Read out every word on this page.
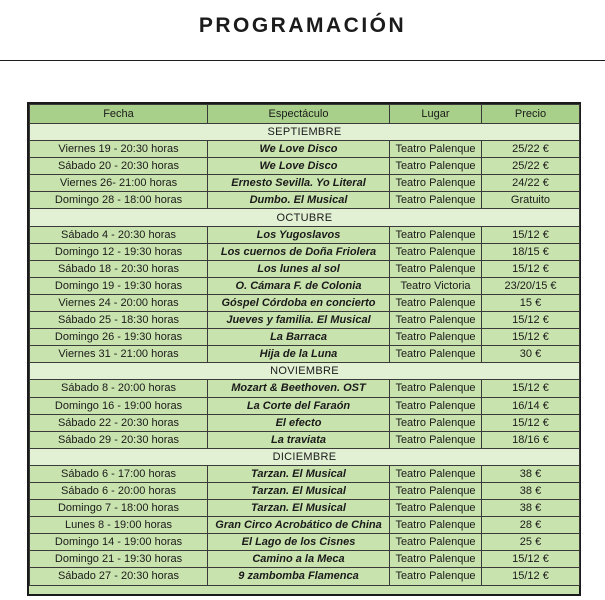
PROGRAMACIÓN
Fecha	Espectáculo	Lugar	Precio
SEPTIEMBRE			
Viernes 19 - 20:30 horas	We Love Disco	Teatro Palenque	25/22 €
Sábado 20 - 20:30 horas	We Love Disco	Teatro Palenque	25/22 €
Viernes 26- 21:00 horas	Ernesto Sevilla. Yo Literal	Teatro Palenque	24/22 €
Domingo 28 - 18:00 horas	Dumbo. El Musical	Teatro Palenque	Gratuito
OCTUBRE			
Sábado 4 - 20:30 horas	Los Yugoslavos	Teatro Palenque	15/12 €
Domingo 12 - 19:30 horas	Los cuernos de Doña Friolera	Teatro Palenque	18/15 €
Sábado 18 - 20:30 horas	Los lunes al sol	Teatro Palenque	15/12 €
Domingo 19 - 19:30 horas	O. Cámara F. de Colonia	Teatro Victoria	23/20/15 €
Viernes 24 - 20:00 horas	Góspel Córdoba en concierto	Teatro Palenque	15 €
Sábado 25 - 18:30 horas	Jueves y familia. El Musical	Teatro Palenque	15/12 €
Domingo 26 - 19:30 horas	La Barraca	Teatro Palenque	15/12 €
Viernes 31 - 21:00 horas	Hija de la Luna	Teatro Palenque	30 €
NOVIEMBRE			
Sábado 8 - 20:00 horas	Mozart & Beethoven. OST	Teatro Palenque	15/12 €
Domingo 16 - 19:00 horas	La Corte del Faraón	Teatro Palenque	16/14 €
Sábado 22 - 20:30 horas	El efecto	Teatro Palenque	15/12 €
Sábado 29 - 20:30 horas	La traviata	Teatro Palenque	18/16 €
DICIEMBRE			
Sábado 6 - 17:00 horas	Tarzan. El Musical	Teatro Palenque	38 €
Sábado 6 - 20:00 horas	Tarzan. El Musical	Teatro Palenque	38 €
Domingo 7 - 18:00 horas	Tarzan. El Musical	Teatro Palenque	38 €
Lunes 8 - 19:00 horas	Gran Circo Acrobático de China	Teatro Palenque	28 €
Domingo 14 - 19:00 horas	El Lago de los Cisnes	Teatro Palenque	25 €
Domingo 21 - 19:30 horas	Camino a la Meca	Teatro Palenque	15/12 €
Sábado 27 - 20:30 horas	9 zambomba Flamenca	Teatro Palenque	15/12 €
